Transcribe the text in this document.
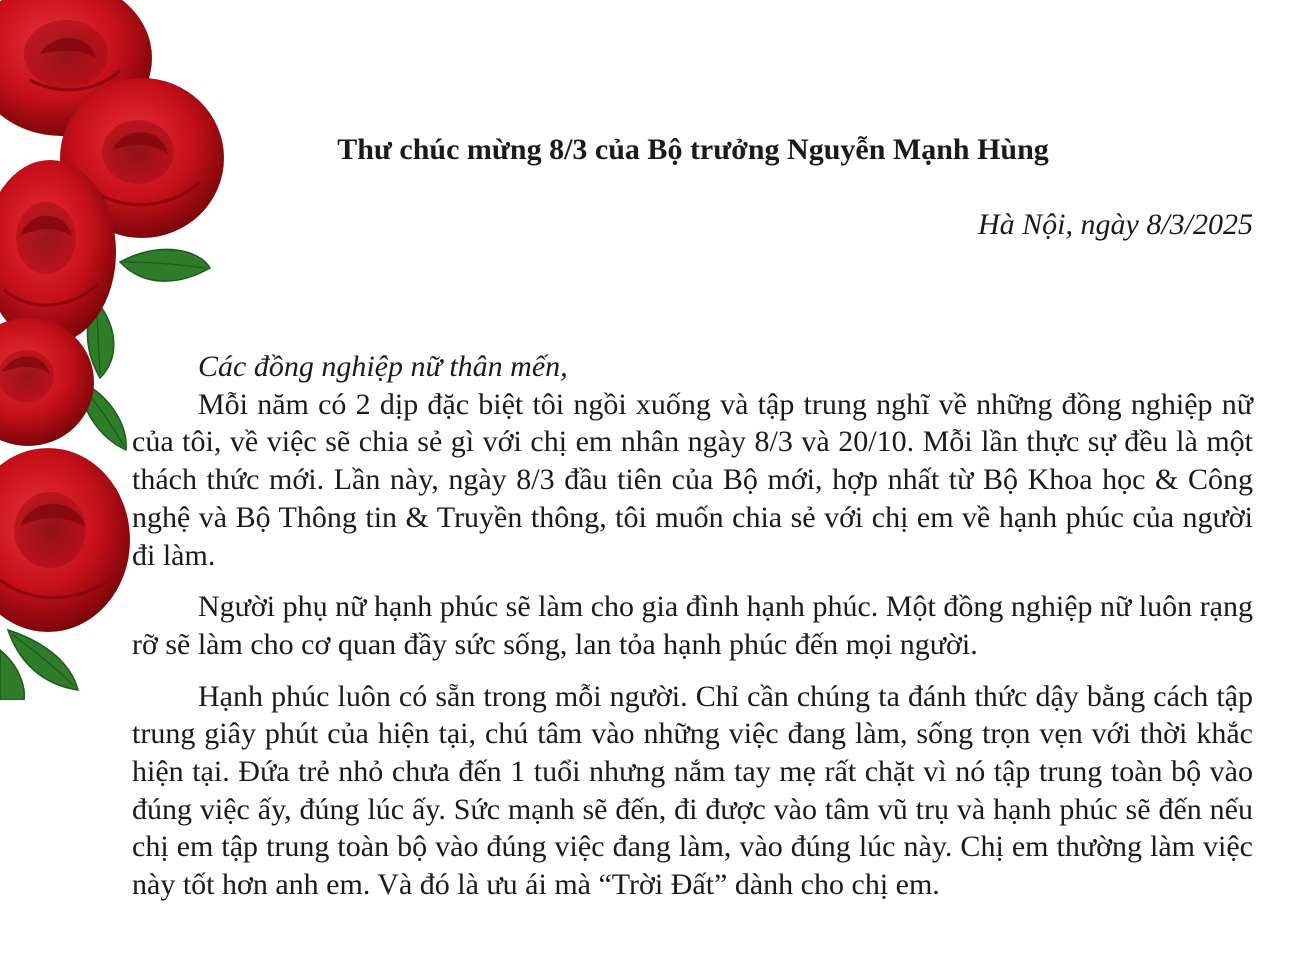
Thư chúc mừng 8/3 của Bộ trưởng Nguyễn Mạnh Hùng

Hà Nội, ngày 8/3/2025

Các đồng nghiệp nữ thân mến,

Mỗi năm có 2 dịp đặc biệt tôi ngồi xuống và tập trung nghĩ về những đồng nghiệp nữ của tôi, về việc sẽ chia sẻ gì với chị em nhân ngày 8/3 và 20/10. Mỗi lần thực sự đều là một thách thức mới. Lần này, ngày 8/3 đầu tiên của Bộ mới, hợp nhất từ Bộ Khoa học & Công nghệ và Bộ Thông tin & Truyền thông, tôi muốn chia sẻ với chị em về hạnh phúc của người đi làm.

Người phụ nữ hạnh phúc sẽ làm cho gia đình hạnh phúc. Một đồng nghiệp nữ luôn rạng rỡ sẽ làm cho cơ quan đầy sức sống, lan tỏa hạnh phúc đến mọi người.

Hạnh phúc luôn có sẵn trong mỗi người. Chỉ cần chúng ta đánh thức dậy bằng cách tập trung giây phút của hiện tại, chú tâm vào những việc đang làm, sống trọn vẹn với thời khắc hiện tại. Đứa trẻ nhỏ chưa đến 1 tuổi nhưng nắm tay mẹ rất chặt vì nó tập trung toàn bộ vào đúng việc ấy, đúng lúc ấy. Sức mạnh sẽ đến, đi được vào tâm vũ trụ và hạnh phúc sẽ đến nếu chị em tập trung toàn bộ vào đúng việc đang làm, vào đúng lúc này. Chị em thường làm việc này tốt hơn anh em. Và đó là ưu ái mà “Trời Đất” dành cho chị em.
